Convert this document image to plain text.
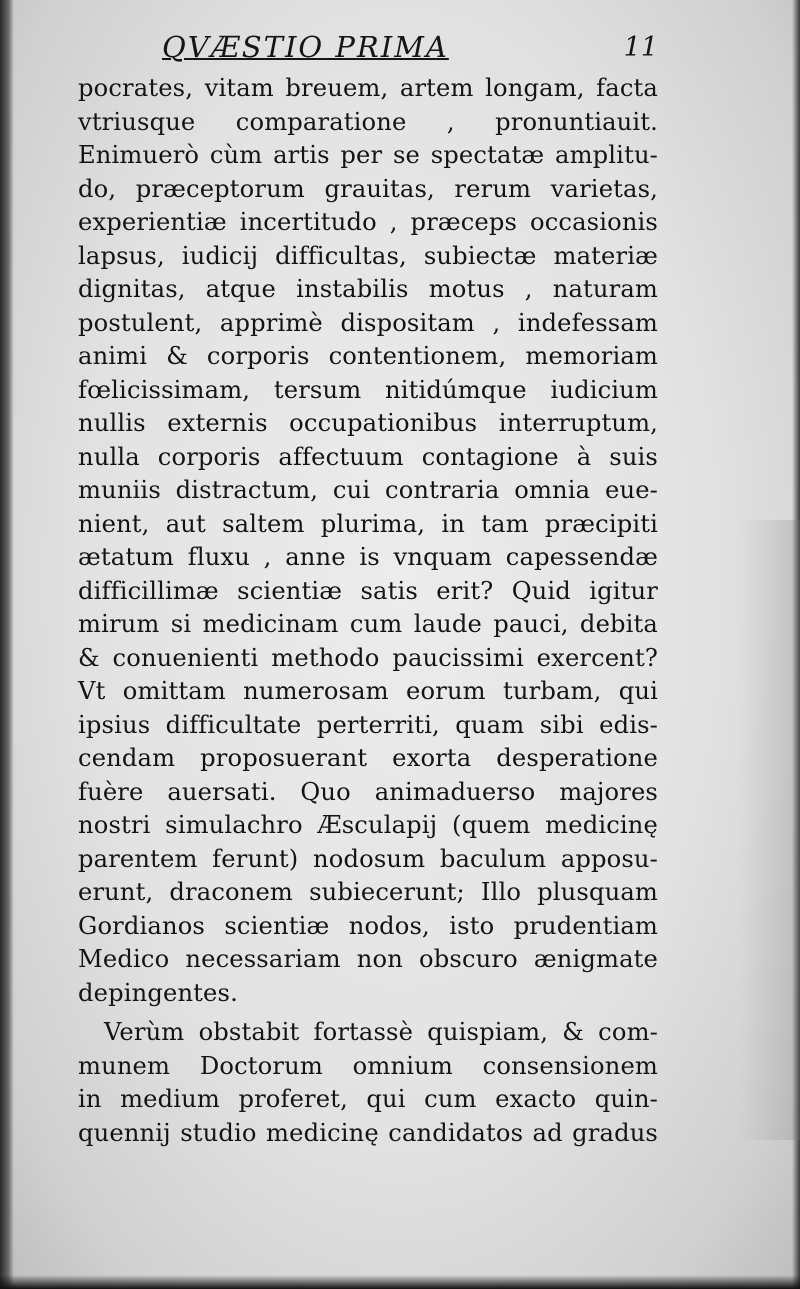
QVÆSTIO PRIMA	11
pocrates, vitam breuem, artem longam, facta
vtriusque comparatione , pronuntiauit.
Enimuerò cùm artis per se spectatæ amplitu-
do, præceptorum grauitas, rerum varietas,
experientiæ incertitudo , præceps occasionis
lapsus, iudicij difficultas, subiectæ materiæ
dignitas, atque instabilis motus , naturam
postulent, apprimè dispositam , indefessam
animi & corporis contentionem, memoriam
fœlicissimam, tersum nitidúmque iudicium
nullis externis occupationibus interruptum,
nulla corporis affectuum contagione à suis
muniis distractum, cui contraria omnia eue-
nient, aut saltem plurima, in tam præcipiti
ætatum fluxu , anne is vnquam capessendæ
difficillimæ scientiæ satis erit? Quid igitur
mirum si medicinam cum laude pauci, debita
& conuenienti methodo paucissimi exercent?
Vt omittam numerosam eorum turbam, qui
ipsius difficultate perterriti, quam sibi edis-
cendam proposuerant exorta desperatione
fuère auersati. Quo animaduerso majores
nostri simulachro Æsculapij (quem medicinę
parentem ferunt) nodosum baculum apposu-
erunt, draconem subiecerunt; Illo plusquam
Gordianos scientiæ nodos, isto prudentiam
Medico necessariam non obscuro ænigmate
depingentes.
Verùm obstabit fortassè quispiam, & com-
munem Doctorum omnium consensionem
in medium proferet, qui cum exacto quin-
quennij studio medicinę candidatos ad gradus
